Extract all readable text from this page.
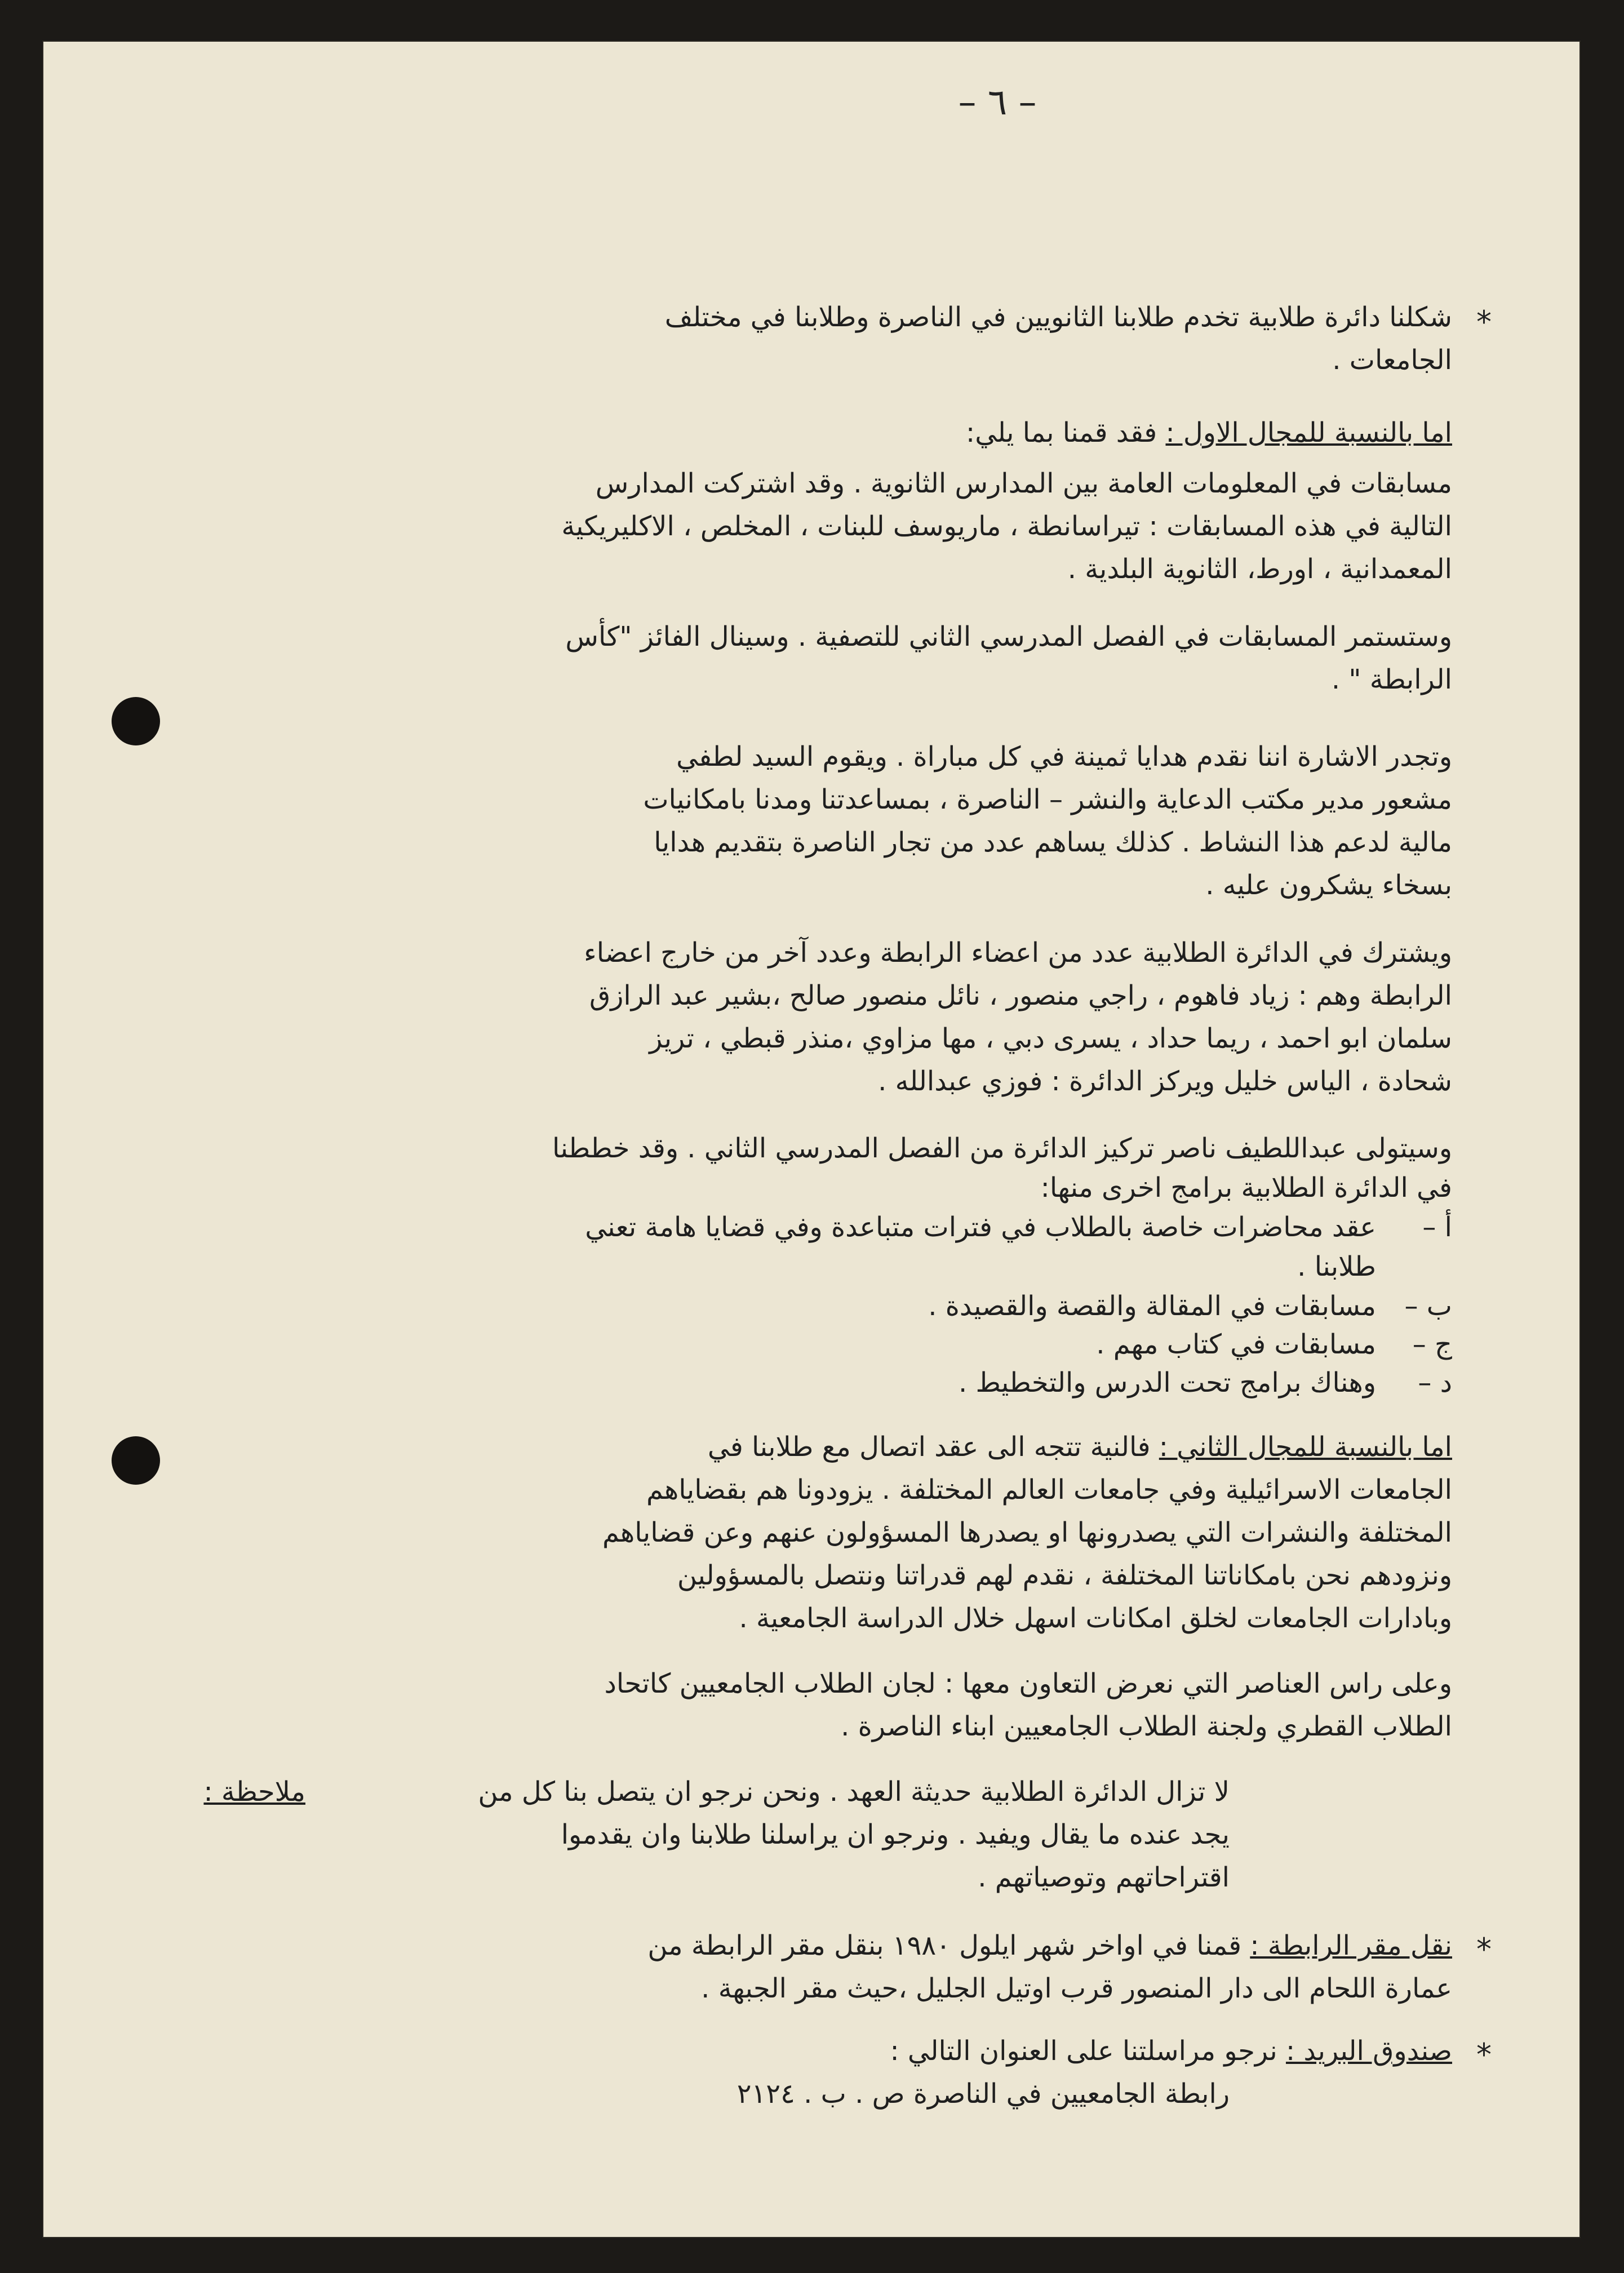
– ٦ –
*
شكلنا دائرة طلابية تخدم طلابنا الثانويين في الناصرة وطلابنا في مختلف
الجامعات .
اما بالنسبة للمجال الاول : فقد قمنا بما يلي:
مسابقات في المعلومات العامة بين المدارس الثانوية . وقد اشتركت المدارس
التالية في هذه المسابقات : تيراسانطة ، ماريوسف للبنات ، المخلص ، الاكليريكية
المعمدانية ، اورط، الثانوية البلدية .
وستستمر المسابقات في الفصل المدرسي الثاني للتصفية . وسينال الفائز "كأس
الرابطة " .
وتجدر الاشارة اننا نقدم هدايا ثمينة في كل مباراة . ويقوم السيد لطفي
مشعور مدير مكتب الدعاية والنشر – الناصرة ، بمساعدتنا ومدنا بامكانيات
مالية لدعم هذا النشاط . كذلك يساهم عدد من تجار الناصرة بتقديم هدايا
بسخاء يشكرون عليه .
ويشترك في الدائرة الطلابية عدد من اعضاء الرابطة وعدد آخر من خارج اعضاء
الرابطة وهم : زياد فاهوم ، راجي منصور ، نائل منصور صالح ،بشير عبد الرازق
سلمان ابو احمد ، ريما حداد ، يسرى دبي ، مها مزاوي ،منذر قبطي ، تريز
شحادة ، الياس خليل ويركز الدائرة : فوزي عبدالله .
وسيتولى عبداللطيف ناصر تركيز الدائرة من الفصل المدرسي الثاني . وقد خططنا
في الدائرة الطلابية برامج اخرى منها:
أ –
عقد محاضرات خاصة بالطلاب في فترات متباعدة وفي قضايا هامة تعني
طلابنا .
ب –
مسابقات في المقالة والقصة والقصيدة .
ج –
مسابقات في كتاب مهم .
د –
وهناك برامج تحت الدرس والتخطيط .
اما بالنسبة للمجال الثاني : فالنية تتجه الى عقد اتصال مع طلابنا في
الجامعات الاسرائيلية وفي جامعات العالم المختلفة . يزودونا هم بقضاياهم
المختلفة والنشرات التي يصدرونها او يصدرها المسؤولون عنهم وعن قضاياهم
ونزودهم نحن بامكاناتنا المختلفة ، نقدم لهم قدراتنا ونتصل بالمسؤولين
وبادارات الجامعات لخلق امكانات اسهل خلال الدراسة الجامعية .
وعلى راس العناصر التي نعرض التعاون معها : لجان الطلاب الجامعيين كاتحاد
الطلاب القطري ولجنة الطلاب الجامعيين ابناء الناصرة .
ملاحظة :	لا تزال الدائرة الطلابية حديثة العهد . ونحن نرجو ان يتصل بنا كل من
يجد عنده ما يقال ويفيد . ونرجو ان يراسلنا طلابنا وان يقدموا
اقتراحاتهم وتوصياتهم .
*
نقل مقر الرابطة : قمنا في اواخر شهر ايلول ١٩٨٠ بنقل مقر الرابطة من
عمارة اللحام الى دار المنصور قرب اوتيل الجليل ،حيث مقر الجبهة .
*
صندوق البريد : نرجو مراسلتنا على العنوان التالي :
رابطة الجامعيين في الناصرة ص . ب . ٢١٢٤
